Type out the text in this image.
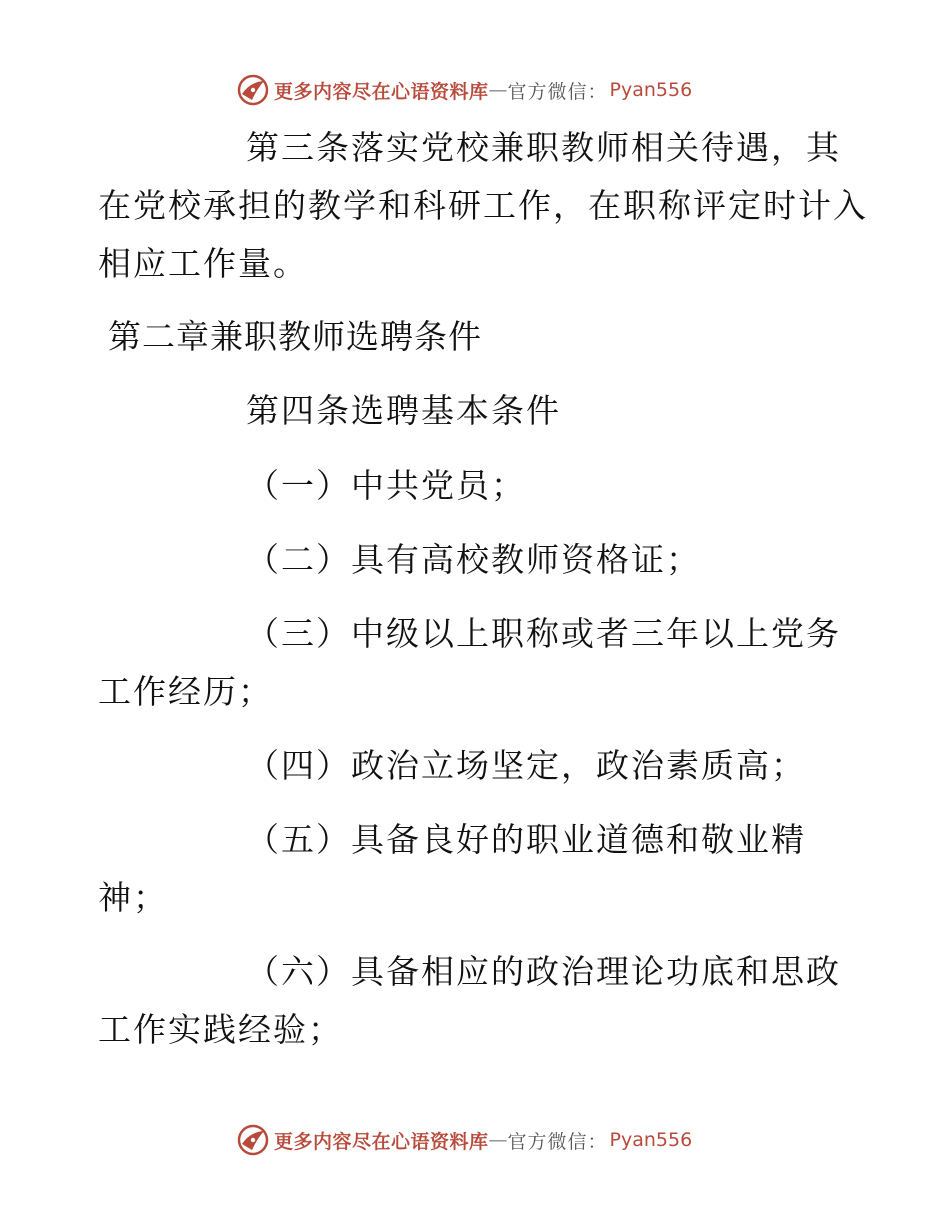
更多内容尽在心语资料库 — 官方微信： Pyan556

第三条落实党校兼职教师相关待遇，其

在党校承担的教学和科研工作，在职称评定时计入

相应工作量。

第二章兼职教师选聘条件

第四条选聘基本条件

（一）中共党员；

（二）具有高校教师资格证；

（三）中级以上职称或者三年以上党务

工作经历；

（四）政治立场坚定，政治素质高；

（五）具备良好的职业道德和敬业精

神；

（六）具备相应的政治理论功底和思政

工作实践经验；

更多内容尽在心语资料库 — 官方微信： Pyan556
